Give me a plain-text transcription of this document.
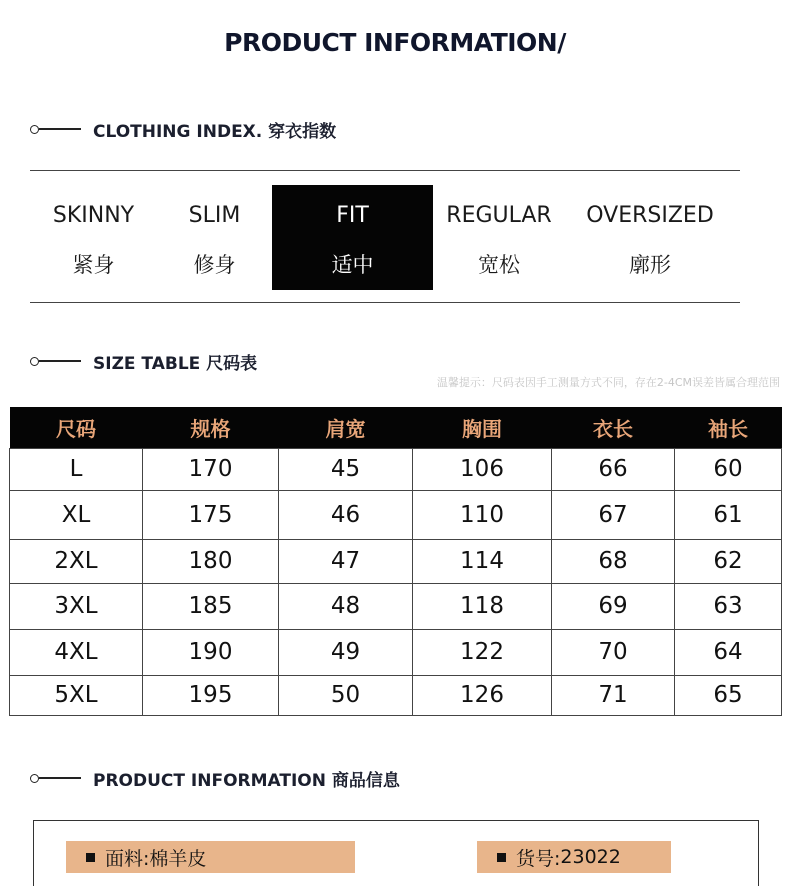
PRODUCT INFORMATION/
CLOTHING INDEX. 穿衣指数
SKINNY
紧身
SLIM
修身
FIT
适中
REGULAR
宽松
OVERSIZED
廓形
SIZE TABLE 尺码表
温馨提示：尺码表因手工测量方式不同，存在2-4CM误差皆属合理范围
尺码	规格	肩宽	胸围	衣长	袖长
L	170	45	106	66	60
XL	175	46	110	67	61
2XL	180	47	114	68	62
3XL	185	48	118	69	63
4XL	190	49	122	70	64
5XL	195	50	126	71	65
PRODUCT INFORMATION 商品信息
面料: 棉羊皮	货号: 23022
